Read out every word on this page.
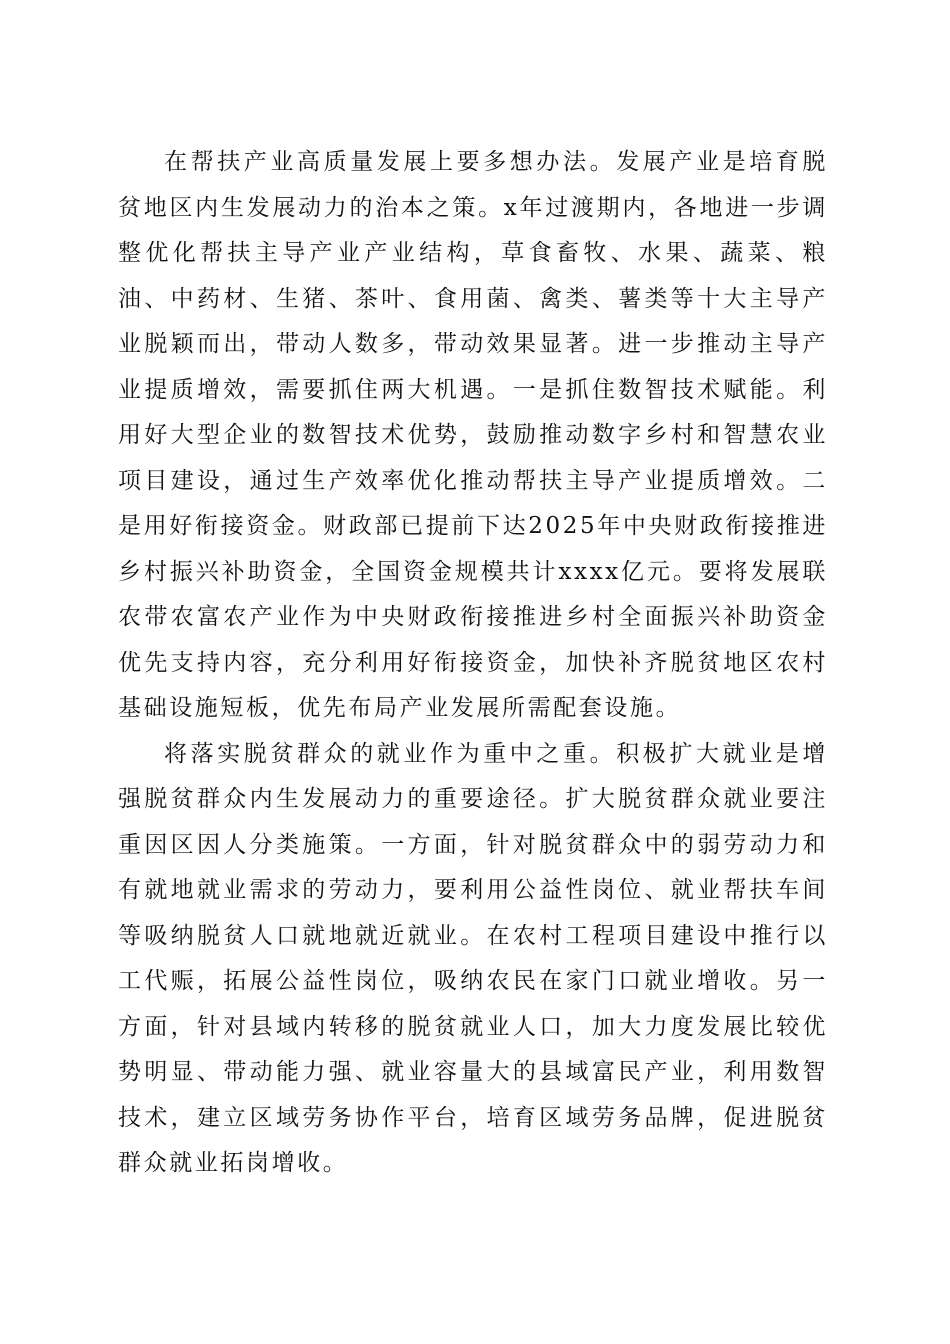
在帮扶产业高质量发展上要多想办法。发展产业是培育脱贫地区内生发展动力的治本之策。x年过渡期内，各地进一步调整优化帮扶主导产业产业结构，草食畜牧、水果、蔬菜、粮油、中药材、生猪、茶叶、食用菌、禽类、薯类等十大主导产业脱颖而出，带动人数多，带动效果显著。进一步推动主导产业提质增效，需要抓住两大机遇。一是抓住数智技术赋能。利用好大型企业的数智技术优势，鼓励推动数字乡村和智慧农业项目建设，通过生产效率优化推动帮扶主导产业提质增效。二是用好衔接资金。财政部已提前下达2025年中央财政衔接推进乡村振兴补助资金，全国资金规模共计xxxx亿元。要将发展联农带农富农产业作为中央财政衔接推进乡村全面振兴补助资金优先支持内容，充分利用好衔接资金，加快补齐脱贫地区农村基础设施短板，优先布局产业发展所需配套设施。

将落实脱贫群众的就业作为重中之重。积极扩大就业是增强脱贫群众内生发展动力的重要途径。扩大脱贫群众就业要注重因区因人分类施策。一方面，针对脱贫群众中的弱劳动力和有就地就业需求的劳动力，要利用公益性岗位、就业帮扶车间等吸纳脱贫人口就地就近就业。在农村工程项目建设中推行以工代赈，拓展公益性岗位，吸纳农民在家门口就业增收。另一方面，针对县域内转移的脱贫就业人口，加大力度发展比较优势明显、带动能力强、就业容量大的县域富民产业，利用数智技术，建立区域劳务协作平台，培育区域劳务品牌，促进脱贫群众就业拓岗增收。
